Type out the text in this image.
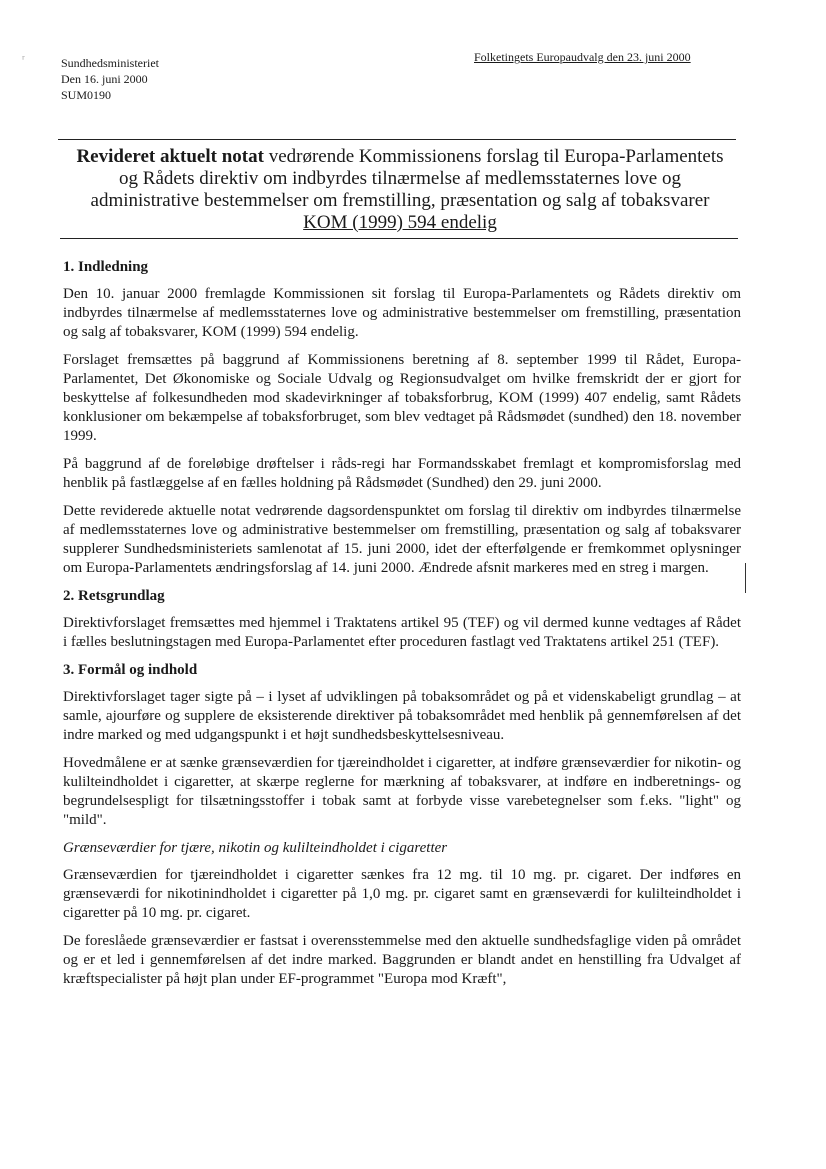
ʳ	Sundhedsministeriet
Den 16. juni 2000
SUM0190
Folketingets Europaudvalg den 23. juni 2000
Revideret aktuelt notat vedrørende Kommissionens forslag til Europa-Parlamentets
og Rådets direktiv om indbyrdes tilnærmelse af medlemsstaternes love og
administrative bestemmelser om fremstilling, præsentation og salg af tobaksvarer
KOM (1999) 594 endelig
1. Indledning

Den 10. januar 2000 fremlagde Kommissionen sit forslag til Europa-Parlamentets og Rådets direktiv om indbyrdes tilnærmelse af medlemsstaternes love og administrative bestemmelser om fremstilling, præsentation og salg af tobaksvarer, KOM (1999) 594 endelig.

Forslaget fremsættes på baggrund af Kommissionens beretning af 8. september 1999 til Rådet, Europa-Parlamentet, Det Økonomiske og Sociale Udvalg og Regionsudvalget om hvilke fremskridt der er gjort for beskyttelse af folkesundheden mod skadevirkninger af tobaksforbrug, KOM (1999) 407 endelig, samt Rådets konklusioner om bekæmpelse af tobaksforbruget, som blev vedtaget på Rådsmødet (sundhed) den 18. november 1999.

På baggrund af de foreløbige drøftelser i råds-regi har Formandsskabet fremlagt et kompromisforslag med henblik på fastlæggelse af en fælles holdning på Rådsmødet (Sundhed) den 29. juni 2000.

Dette reviderede aktuelle notat vedrørende dagsordenspunktet om forslag til direktiv om indbyrdes tilnærmelse af medlemsstaternes love og administrative bestemmelser om fremstilling, præsentation og salg af tobaksvarer supplerer Sundhedsministeriets samlenotat af 15. juni 2000, idet der efterfølgende er fremkommet oplysninger om Europa-Parlamentets ændringsforslag af 14. juni 2000. Ændrede afsnit markeres med en streg i margen.

2. Retsgrundlag

Direktivforslaget fremsættes med hjemmel i Traktatens artikel 95 (TEF) og vil dermed kunne vedtages af Rådet i fælles beslutningstagen med Europa-Parlamentet efter proceduren fastlagt ved Traktatens artikel 251 (TEF).

3. Formål og indhold

Direktivforslaget tager sigte på – i lyset af udviklingen på tobaksområdet og på et videnskabeligt grundlag – at samle, ajourføre og supplere de eksisterende direktiver på tobaksområdet med henblik på gennemførelsen af det indre marked og med udgangspunkt i et højt sundhedsbeskyttelsesniveau.

Hovedmålene er at sænke grænseværdien for tjæreindholdet i cigaretter, at indføre grænseværdier for nikotin- og kulilteindholdet i cigaretter, at skærpe reglerne for mærkning af tobaksvarer, at indføre en indberetnings- og begrundelsespligt for tilsætningsstoffer i tobak samt at forbyde visse varebetegnelser som f.eks. "light" og "mild".

Grænseværdier for tjære, nikotin og kulilteindholdet i cigaretter

Grænseværdien for tjæreindholdet i cigaretter sænkes fra 12 mg. til 10 mg. pr. cigaret. Der indføres en grænseværdi for nikotinindholdet i cigaretter på 1,0 mg. pr. cigaret samt en grænseværdi for kulilteindholdet i cigaretter på 10 mg. pr. cigaret.

De foreslåede grænseværdier er fastsat i overensstemmelse med den aktuelle sundhedsfaglige viden på området og er et led i gennemførelsen af det indre marked. Baggrunden er blandt andet en henstilling fra Udvalget af kræftspecialister på højt plan under EF-programmet "Europa mod Kræft",
